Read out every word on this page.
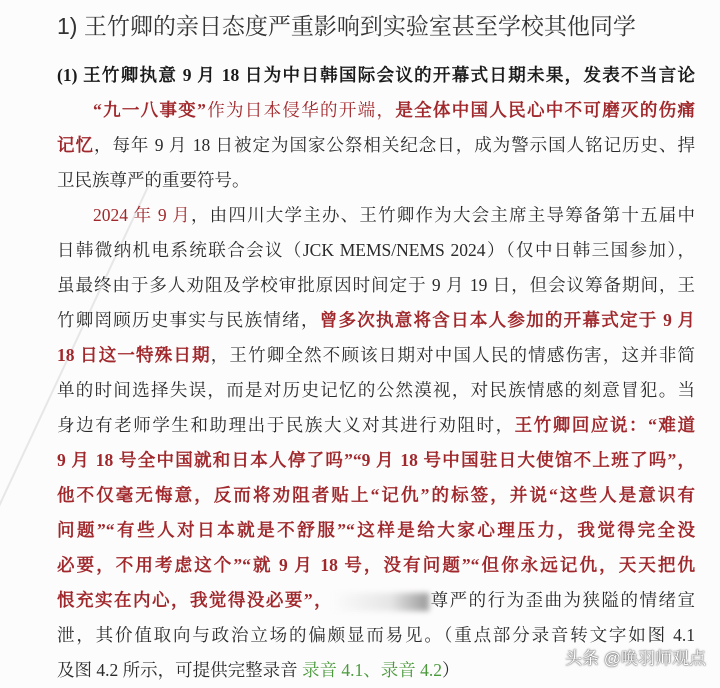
1) 王竹卿的亲日态度严重影响到实验室甚至学校其他同学
(1) 王竹卿执意 9 月 18 日为中日韩国际会议的开幕式日期未果，发表不当言论
“九一八事变”作为日本侵华的开端，是全体中国人民心中不可磨灭的伤痛
记忆，每年 9 月 18 日被定为国家公祭相关纪念日，成为警示国人铭记历史、捍
卫民族尊严的重要符号。
2024 年 9 月，由四川大学主办、王竹卿作为大会主席主导筹备第十五届中
日韩微纳机电系统联合会议（JCK MEMS/NEMS 2024）（仅中日韩三国参加），
虽最终由于多人劝阻及学校审批原因时间定于 9 月 19 日，但会议筹备期间，王
竹卿罔顾历史事实与民族情绪，曾多次执意将含日本人参加的开幕式定于 9 月
18 日这一特殊日期，王竹卿全然不顾该日期对中国人民的情感伤害，这并非简
单的时间选择失误，而是对历史记忆的公然漠视，对民族情感的刻意冒犯。当
身边有老师学生和助理出于民族大义对其进行劝阻时，王竹卿回应说：“难道
9 月 18 号全中国就和日本人停了吗”“9 月 18 号中国驻日大使馆不上班了吗”，
他不仅毫无悔意，反而将劝阻者贴上“记仇”的标签，并说“这些人是意识有
问题”“有些人对日本就是不舒服”“这样是给大家心理压力，我觉得完全没
必要，不用考虑这个”“就 9 月 18 号，没有问题”“但你永远记仇，天天把仇
恨充实在内心，我觉得没必要”，	尊严的行为歪曲为狭隘的情绪宣
泄，其价值取向与政治立场的偏颇显而易见。（重点部分录音转文字如图 4.1
及图 4.2 所示，可提供完整录音 录音 4.1、录音 4.2）
头条 @唤羽师观点
